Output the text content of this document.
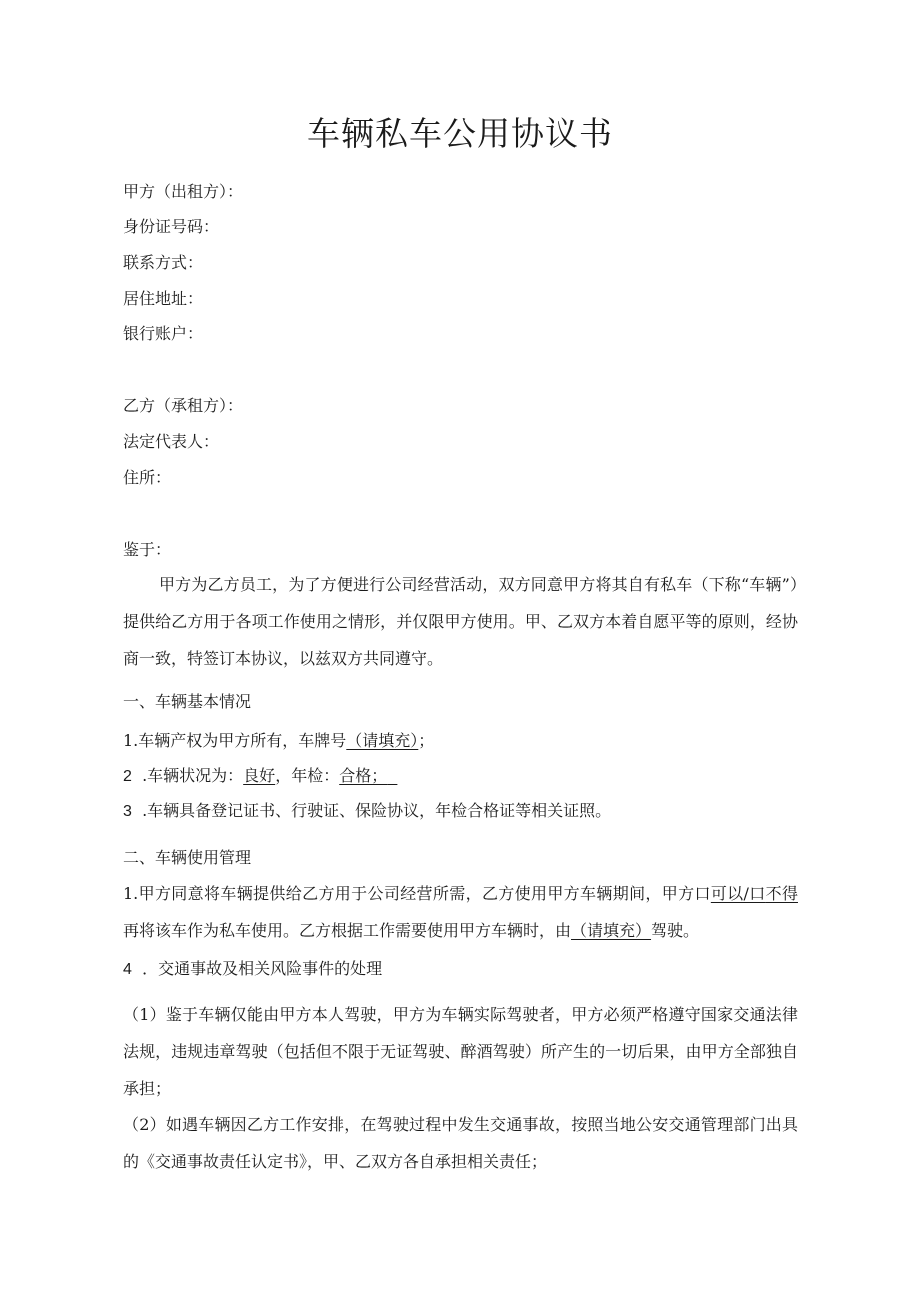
车辆私车公用协议书

甲方（出租方）：

身份证号码：

联系方式：

居住地址：

银行账户：

乙方（承租方）：

法定代表人：

住所：

鉴于：

甲方为乙方员工，为了方便进行公司经营活动，双方同意甲方将其自有私车（下称“车辆”）提供给乙方用于各项工作使用之情形，并仅限甲方使用。甲、乙双方本着自愿平等的原则，经协商一致，特签订本协议，以兹双方共同遵守。

一、车辆基本情况

1.车辆产权为甲方所有，车牌号（请填充）；

2 .车辆状况为：良好，年检：合格；

3 .车辆具备登记证书、行驶证、保险协议，年检合格证等相关证照。

二、车辆使用管理

1.甲方同意将车辆提供给乙方用于公司经营所需，乙方使用甲方车辆期间，甲方口可以/口不得再将该车作为私车使用。乙方根据工作需要使用甲方车辆时，由（请填充）驾驶。

4 ．交通事故及相关风险事件的处理

（1）鉴于车辆仅能由甲方本人驾驶，甲方为车辆实际驾驶者，甲方必须严格遵守国家交通法律法规，违规违章驾驶（包括但不限于无证驾驶、醉酒驾驶）所产生的一切后果，由甲方全部独自承担；

（2）如遇车辆因乙方工作安排，在驾驶过程中发生交通事故，按照当地公安交通管理部门出具的《交通事故责任认定书》，甲、乙双方各自承担相关责任；
